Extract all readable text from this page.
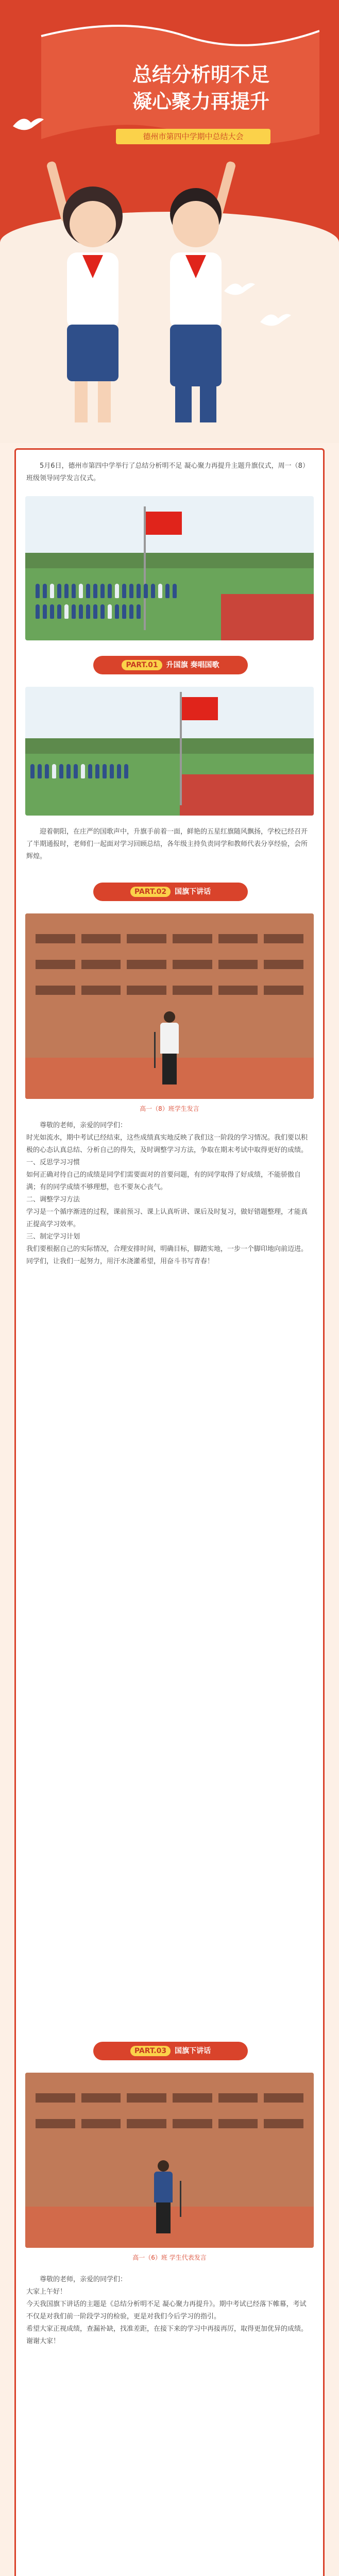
总结分析明不足
凝心聚力再提升
德州市第四中学期中总结大会

5月6日，德州市第四中学举行了总结分析明不足 凝心聚力再提升主题升旗仪式，周一（8）班级领导同学发言仪式。

PART.01 升国旗 奏唱国歌

迎着朝阳，在庄严的国歌声中，升旗手前着一面，鲜艳的五星红旗随风飘扬，学校已经召开了半期通报时，老师们一起面对学习回顾总结，各年级主持负责同学和教师代表分享经验，会所辉煌。

PART.02 国旗下讲话
高一（8）班学生发言

尊敬的老师，亲爱的同学们：
时光如流水，期中考试已经结束，这些成绩真实地反映了我们这一阶段的学习情况。我们要以积极的心态认真总结、分析自己的得失，及时调整学习方法，争取在期末考试中取得更好的成绩。
一、反思学习习惯
如何正确对待自己的成绩是同学们需要面对的首要问题，有的同学取得了好成绩，不能骄傲自满；有的同学成绩不够理想，也不要灰心丧气。
二、调整学习方法
学习是一个循序渐进的过程，课前预习、课上认真听讲、课后及时复习，做好错题整理，才能真正提高学习效率。
三、制定学习计划
我们要根据自己的实际情况，合理安排时间，明确目标，脚踏实地，一步一个脚印地向前迈进。
同学们，让我们一起努力，用汗水浇灌希望，用奋斗书写青春！

PART.03 国旗下讲话
高一（6）班 学生代表发言

尊敬的老师，亲爱的同学们：
大家上午好！
今天我国旗下讲话的主题是《总结分析明不足 凝心聚力再提升》。期中考试已经落下帷幕，考试不仅是对我们前一阶段学习的检验，更是对我们今后学习的指引。
希望大家正视成绩，查漏补缺，找准差距，在接下来的学习中再接再厉，取得更加优异的成绩。
谢谢大家！
